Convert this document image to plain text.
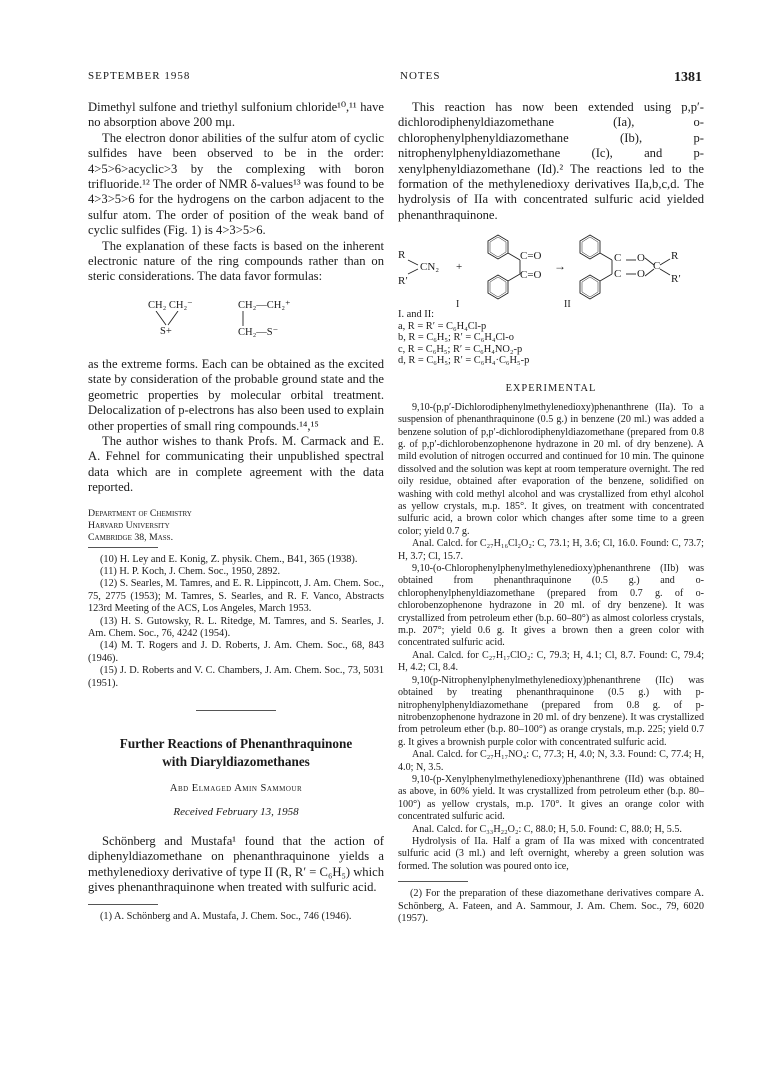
SEPTEMBER 1958	NOTES	1381

Dimethyl sulfone and triethyl sulfonium chloride¹⁰,¹¹ have no absorption above 200 mμ.

The electron donor abilities of the sulfur atom of cyclic sulfides have been observed to be in the order: 4>5>6>acyclic>3 by the complexing with boron trifluoride.¹² The order of NMR δ-values¹³ was found to be 4>3>5>6 for the hydrogens on the carbon adjacent to the sulfur atom. The order of position of the weak band of cyclic sulfides (Fig. 1) is 4>3>5>6.

The explanation of these facts is based on the inherent electronic nature of the ring compounds rather than on steric considerations. The data favor formulas:

CH₂ CH₂⁻
S+
CH₂—CH₂⁺
CH₂—S⁻

as the extreme forms. Each can be obtained as the excited state by consideration of the probable ground state and the geometric properties by molecular orbital treatment. Delocalization of p-electrons has also been used to explain other properties of small ring compounds.¹⁴,¹⁵

The author wishes to thank Profs. M. Carmack and E. A. Fehnel for communicating their unpublished spectral data which are in complete agreement with the data reported.

Department of Chemistry
Harvard University
Cambridge 38, Mass.

(10) H. Ley and E. Konig, Z. physik. Chem., B41, 365 (1938).

(11) H. P. Koch, J. Chem. Soc., 1950, 2892.

(12) S. Searles, M. Tamres, and E. R. Lippincott, J. Am. Chem. Soc., 75, 2775 (1953); M. Tamres, S. Searles, and R. F. Vanco, Abstracts 123rd Meeting of the ACS, Los Angeles, March 1953.

(13) H. S. Gutowsky, R. L. Ritedge, M. Tamres, and S. Searles, J. Am. Chem. Soc., 76, 4242 (1954).

(14) M. T. Rogers and J. D. Roberts, J. Am. Chem. Soc., 68, 843 (1946).

(15) J. D. Roberts and V. C. Chambers, J. Am. Chem. Soc., 73, 5031 (1951).

Further Reactions of Phenanthraquinone
with Diaryldiazomethanes
Abd Elmaged Amin Sammour
Received February 13, 1958

Schönberg and Mustafa¹ found that the action of diphenyldiazomethane on phenanthraquinone yields a methylenedioxy derivative of type II (R, R′ = C₆H₅) which gives phenanthraquinone when treated with sulfuric acid.

(1) A. Schönberg and A. Mustafa, J. Chem. Soc., 746 (1946).

This reaction has now been extended using p,p′-dichlorodiphenyldiazomethane (Ia), o-chlorophenylphenyldiazomethane (Ib), p-nitrophenylphenyldiazomethane (Ic), and p-xenylphenyldiazomethane (Id).² The reactions led to the formation of the methylenedioxy derivatives IIa,b,c,d. The hydrolysis of IIa with concentrated sulfuric acid yielded phenanthraquinone.

R
R′
CN₂ +
C=O
C=O
→
C O
C O
C
R
R′
I	II
I. and II:
a, R = R′ = C₆H₄Cl-p
b, R = C₆H₅; R′ = C₆H₄Cl-o
c, R = C₆H₅; R′ = C₆H₄NO₂-p
d, R = C₆H₅; R′ = C₆H₄·C₆H₅-p
EXPERIMENTAL

9,10-(p,p′-Dichlorodiphenylmethylenedioxy)phenanthrene (IIa). To a suspension of phenanthraquinone (0.5 g.) in benzene (20 ml.) was added a benzene solution of p,p′-dichlorodiphenyldiazomethane (prepared from 0.8 g. of p,p′-dichlorobenzophenone hydrazone in 20 ml. of dry benzene). A mild evolution of nitrogen occurred and continued for 10 min. The quinone dissolved and the solution was kept at room temperature overnight. The red oily residue, obtained after evaporation of the benzene, solidified on washing with cold methyl alcohol and was crystallized from ethyl alcohol as yellow crystals, m.p. 185°. It gives, on treatment with concentrated sulfuric acid, a brown color which changes after some time to a green color; yield 0.7 g.

Anal. Calcd. for C₂₇H₁₆Cl₂O₂: C, 73.1; H, 3.6; Cl, 16.0. Found: C, 73.7; H, 3.7; Cl, 15.7.

9,10-(o-Chlorophenylphenylmethylenedioxy)phenanthrene (IIb) was obtained from phenanthraquinone (0.5 g.) and o-chlorophenylphenyldiazomethane (prepared from 0.7 g. of o-chlorobenzophenone hydrazone in 20 ml. of dry benzene). It was crystallized from petroleum ether (b.p. 60–80°) as almost colorless crystals, m.p. 207°; yield 0.6 g. It gives a brown then a green color with concentrated sulfuric acid.

Anal. Calcd. for C₂₇H₁₇ClO₂: C, 79.3; H, 4.1; Cl, 8.7. Found: C, 79.4; H, 4.2; Cl, 8.4.

9,10(p-Nitrophenylphenylmethylenedioxy)phenanthrene (IIc) was obtained by treating phenanthraquinone (0.5 g.) with p-nitrophenylphenyldiazomethane (prepared from 0.8 g. of p-nitrobenzophenone hydrazone in 20 ml. of dry benzene). It was crystallized from petroleum ether (b.p. 80–100°) as orange crystals, m.p. 225; yield 0.7 g. It gives a brownish purple color with concentrated sulfuric acid.

Anal. Calcd. for C₂₇H₁₇NO₄: C, 77.3; H, 4.0; N, 3.3. Found: C, 77.4; H, 4.0; N, 3.5.

9,10-(p-Xenylphenylmethylenedioxy)phenanthrene (IId) was obtained as above, in 60% yield. It was crystallized from petroleum ether (b.p. 80–100°) as yellow crystals, m.p. 170°. It gives an orange color with concentrated sulfuric acid.

Anal. Calcd. for C₃₃H₂₂O₂: C, 88.0; H, 5.0. Found: C, 88.0; H, 5.5.

Hydrolysis of IIa. Half a gram of IIa was mixed with concentrated sulfuric acid (3 ml.) and left overnight, whereby a green solution was formed. The solution was poured onto ice,

(2) For the preparation of these diazomethane derivatives compare A. Schönberg, A. Fateen, and A. Sammour, J. Am. Chem. Soc., 79, 6020 (1957).
